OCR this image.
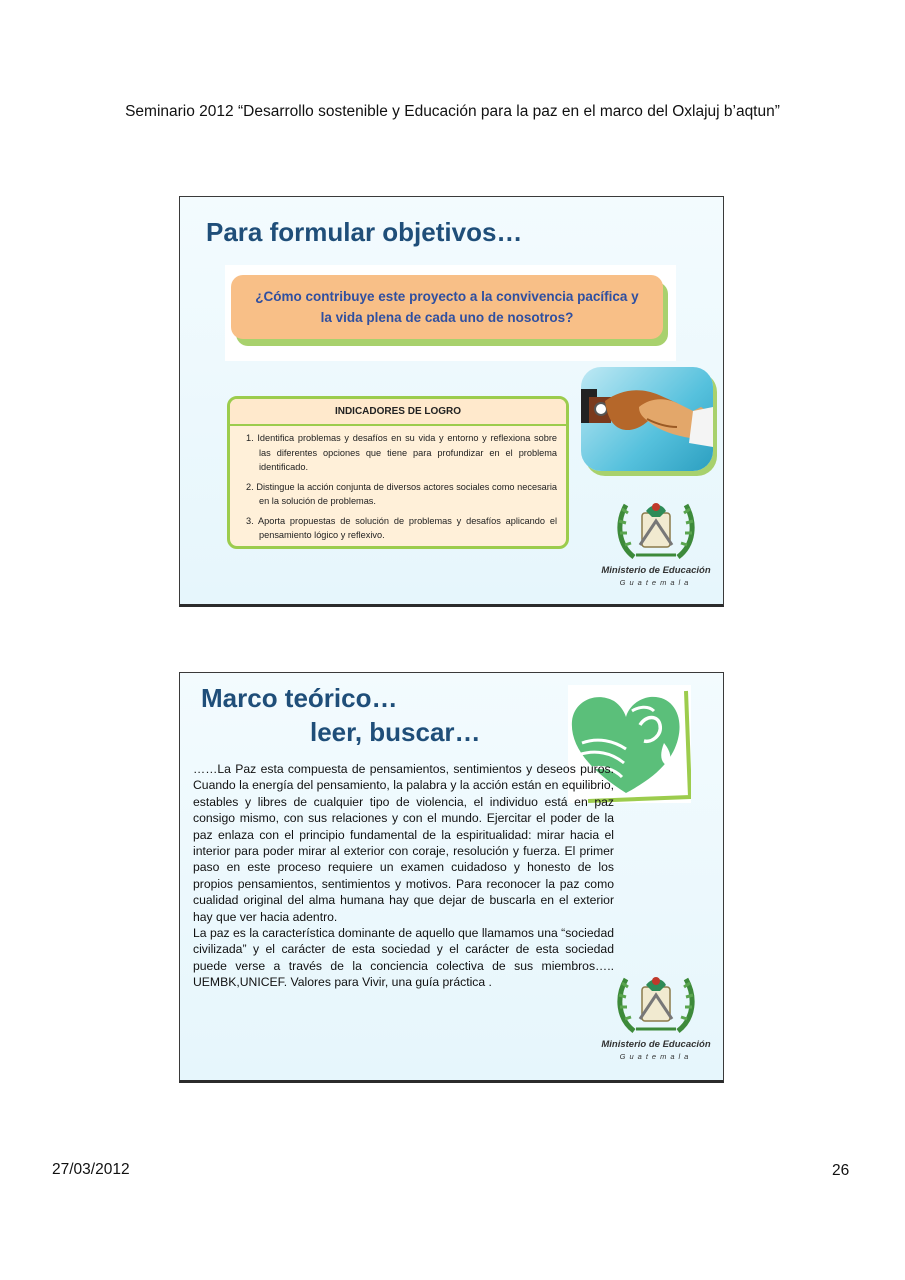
Seminario 2012 “Desarrollo sostenible y Educación para la paz en el marco del Oxlajuj b’aqtun”
Para formular objetivos…
¿Cómo contribuye este proyecto a la convivencia pacífica y la vida plena de cada uno de nosotros?
INDICADORES DE LOGRO
1. Identifica problemas y desafíos en su vida y entorno y reflexiona sobre las diferentes opciones que tiene para profundizar en el problema identificado.
2. Distingue la acción conjunta de diversos actores sociales como necesaria en la solución de problemas.
3. Aporta propuestas de solución de problemas y desafíos aplicando el pensamiento lógico y reflexivo.
Ministerio de Educación
Guatemala
Marco teórico…
leer, buscar…

……La Paz esta compuesta de pensamientos, sentimientos y deseos puros. Cuando la energía del pensamiento, la palabra y la acción están en equilibrio, estables y libres de cualquier tipo de violencia, el individuo está en paz consigo mismo, con sus relaciones y con el mundo. Ejercitar el poder de la paz enlaza con el principio fundamental de la espiritualidad: mirar hacia el interior para poder mirar al exterior con coraje, resolución y fuerza. El primer paso en este proceso requiere un examen cuidadoso y honesto de los propios pensamientos, sentimientos y motivos. Para reconocer la paz como cualidad original del alma humana hay que dejar de buscarla en el exterior hay que ver hacia adentro.

La paz es la característica dominante de aquello que llamamos una “sociedad civilizada” y el carácter de esta sociedad y el carácter de esta sociedad puede verse a través de la conciencia colectiva de sus miembros….. UEMBK,UNICEF. Valores para Vivir, una guía práctica .

Ministerio de Educación
Guatemala
27/03/2012	26
